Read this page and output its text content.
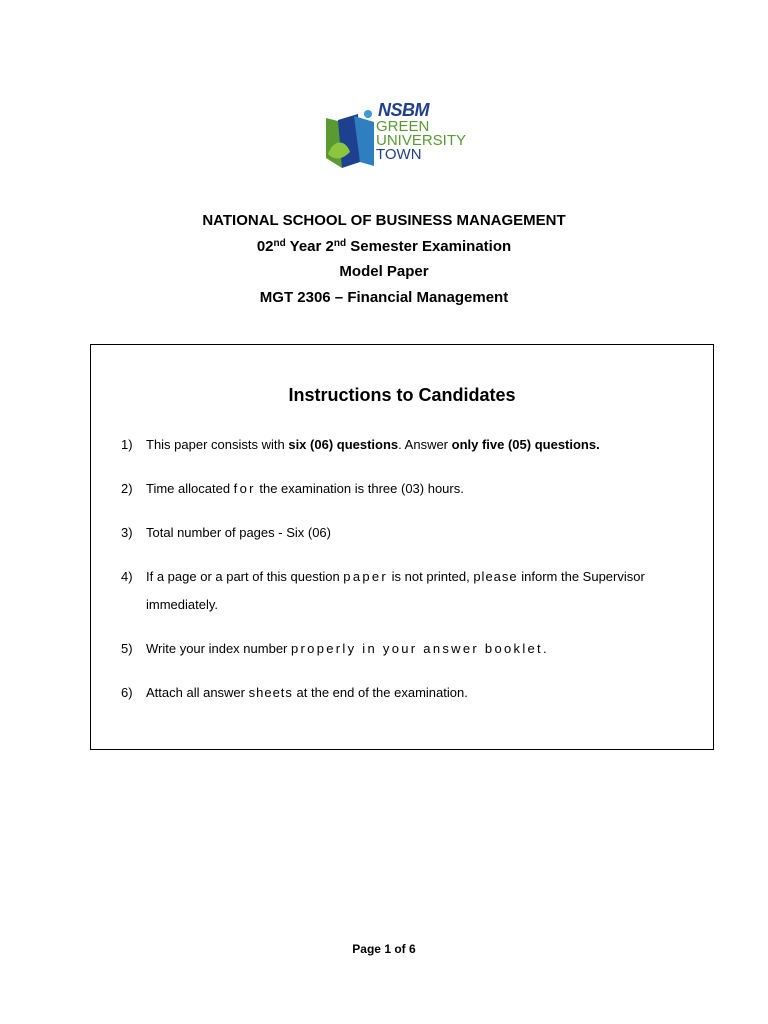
NSBM
GREEN
UNIVERSITY
TOWN
NATIONAL SCHOOL OF BUSINESS MANAGEMENT
02nd Year 2nd Semester Examination
Model Paper
MGT 2306 – Financial Management
Instructions to Candidates
1) This paper consists with six (06) questions. Answer only five (05) questions.
2) Time allocated for the examination is three (03) hours.
3) Total number of pages - Six (06)
4) If a page or a part of this question paper is not printed, please inform the Supervisor
immediately.
5) Write your index number properly in your answer booklet.
6) Attach all answer sheets at the end of the examination.
Page 1 of 6
